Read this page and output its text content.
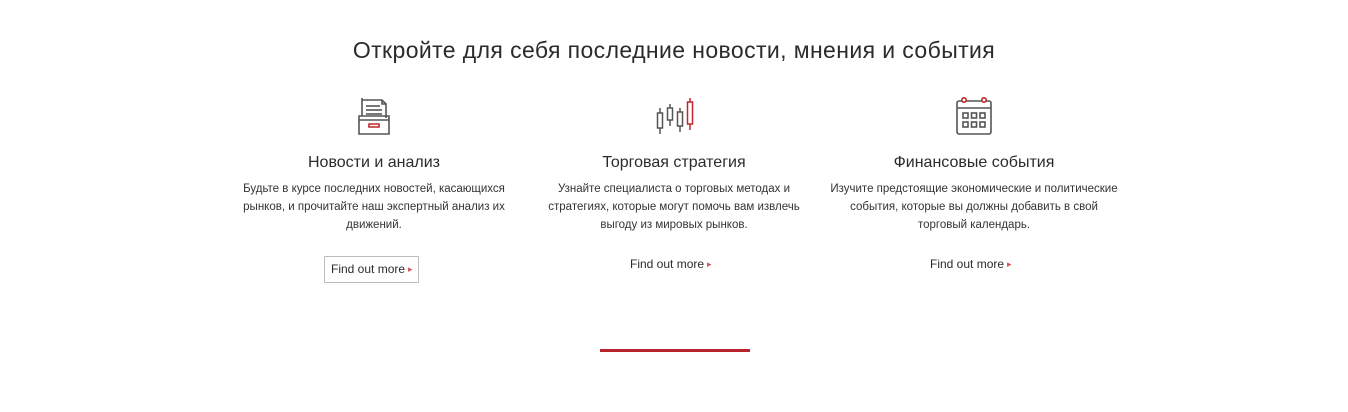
Откройте для себя последние новости, мнения и события
Новости и анализ
Будьте в курсе последних новостей, касающихся рынков, и прочитайте наш экспертный анализ их движений.
Find out more ▸
Торговая стратегия
Узнайте специалиста о торговых методах и стратегиях, которые могут помочь вам извлечь выгоду из мировых рынков.
Find out more ▸
Финансовые события
Изучите предстоящие экономические и политические события, которые вы должны добавить в свой торговый календарь.
Find out more ▸
